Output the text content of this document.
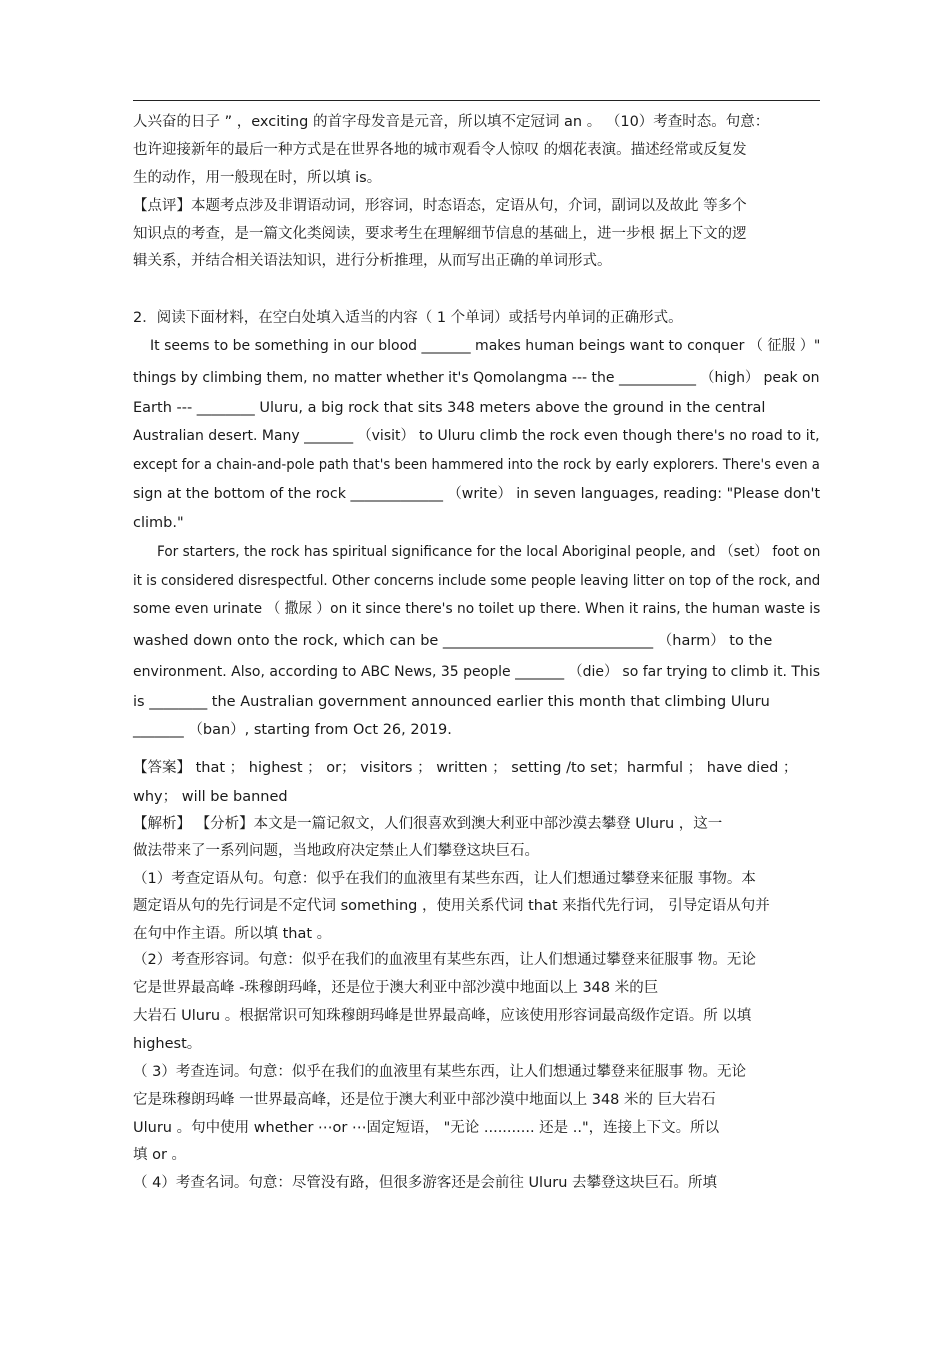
人兴奋的日子 ” ，exciting 的首字母发音是元音，所以填不定冠词 an 。 （10）考查时态。句意：
也许迎接新年的最后一种方式是在世界各地的城市观看令人惊叹 的烟花表演。描述经常或反复发
生的动作，用一般现在时，所以填 is。
【点评】本题考点涉及非谓语动词，形容词，时态语态，定语从句，介词，副词以及故此 等多个
知识点的考查，是一篇文化类阅读，要求考生在理解细节信息的基础上，进一步根 据上下文的逻
辑关系，并结合相关语法知识，进行分析推理，从而写出正确的单词形式。
2．阅读下面材料，在空白处填入适当的内容（ 1 个单词）或括号内单词的正确形式。
It seems to be something in our blood _______ makes human beings want to conquer （ 征服 ）"
things by climbing them, no matter whether it's Qomolangma --- the ___________ （high） peak on
Earth --- ________ Uluru, a big rock that sits 348 meters above the ground in the central
Australian desert. Many _______ （visit） to Uluru climb the rock even though there's no road to it,
except for a chain-and-pole path that's been hammered into the rock by early explorers. There's even a
sign at the bottom of the rock _____________ （write） in seven languages, reading: "Please don't
climb."
For starters, the rock has spiritual significance for the local Aboriginal people, and （set） foot on
it is considered disrespectful. Other concerns include some people leaving litter on top of the rock, and
some even urinate （ 撒尿 ）on it since there's no toilet up there. When it rains, the human waste is
washed down onto the rock, which can be _____________________________ （harm） to the
environment. Also, according to ABC News, 35 people _______ （die） so far trying to climb it. This
is ________ the Australian government announced earlier this month that climbing Uluru
_______ （ban）, starting from Oct 26, 2019.
【答案】 that ； highest ； or； visitors ； written ； setting /to set；harmful ； have died ；
why； will be banned
【解析】 【分析】本文是一篇记叙文，人们很喜欢到澳大利亚中部沙漠去攀登 Uluru ，这一
做法带来了一系列问题，当地政府决定禁止人们攀登这块巨石。
（1）考查定语从句。句意：似乎在我们的血液里有某些东西，让人们想通过攀登来征服 事物。本
题定语从句的先行词是不定代词 something ，使用关系代词 that 来指代先行词， 引导定语从句并
在句中作主语。所以填 that 。
（2）考查形容词。句意：似乎在我们的血液里有某些东西，让人们想通过攀登来征服事 物。无论
它是世界最高峰 -珠穆朗玛峰，还是位于澳大利亚中部沙漠中地面以上 348 米的巨
大岩石 Uluru 。根据常识可知珠穆朗玛峰是世界最高峰，应该使用形容词最高级作定语。所 以填
highest。
（ 3）考查连词。句意：似乎在我们的血液里有某些东西，让人们想通过攀登来征服事 物。无论
它是珠穆朗玛峰 一世界最高峰，还是位于澳大利亚中部沙漠中地面以上 348 米的 巨大岩石
Uluru 。句中使用 whether ⋯or ⋯固定短语， "无论 ........... 还是 .."，连接上下文。所以
填 or 。
（ 4）考查名词。句意：尽管没有路，但很多游客还是会前往 Uluru 去攀登这块巨石。所填
